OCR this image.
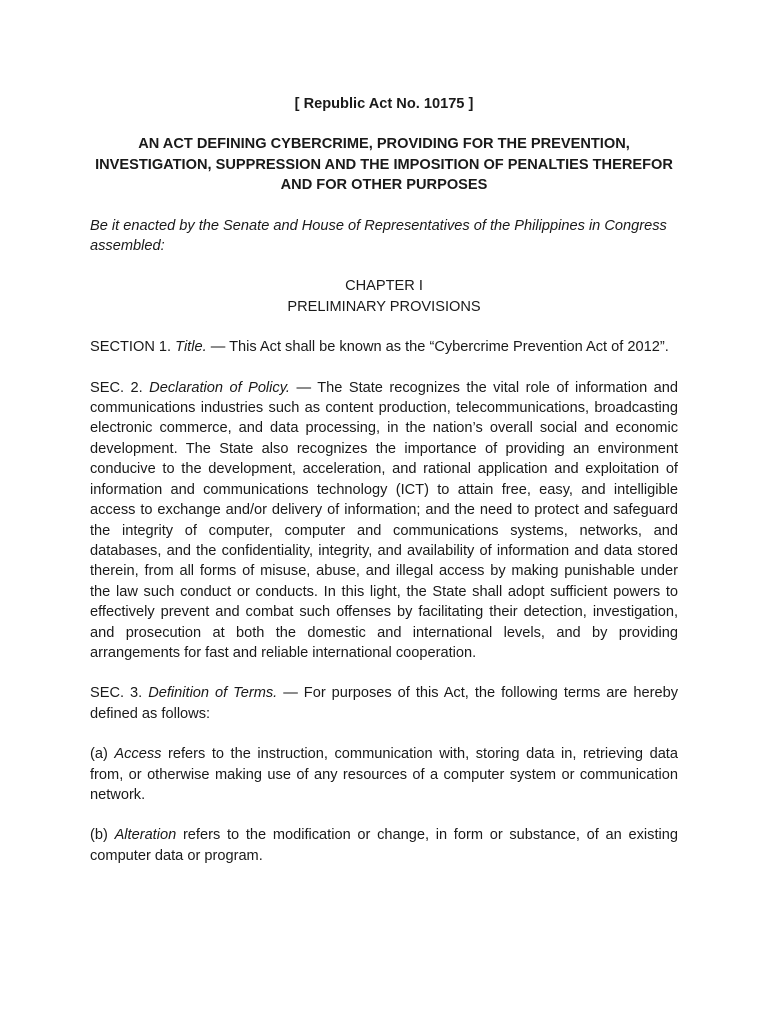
[ Republic Act No. 10175 ]

AN ACT DEFINING CYBERCRIME, PROVIDING FOR THE PREVENTION, INVESTIGATION, SUPPRESSION AND THE IMPOSITION OF PENALTIES THEREFOR AND FOR OTHER PURPOSES

Be it enacted by the Senate and House of Representatives of the Philippines in Congress assembled:

CHAPTER I
PRELIMINARY PROVISIONS

SECTION 1. Title. — This Act shall be known as the “Cybercrime Prevention Act of 2012”.

SEC. 2. Declaration of Policy. — The State recognizes the vital role of information and communications industries such as content production, telecommunications, broadcasting electronic commerce, and data processing, in the nation’s overall social and economic development. The State also recognizes the importance of providing an environment conducive to the development, acceleration, and rational application and exploitation of information and communications technology (ICT) to attain free, easy, and intelligible access to exchange and/or delivery of information; and the need to protect and safeguard the integrity of computer, computer and communications systems, networks, and databases, and the confidentiality, integrity, and availability of information and data stored therein, from all forms of misuse, abuse, and illegal access by making punishable under the law such conduct or conducts. In this light, the State shall adopt sufficient powers to effectively prevent and combat such offenses by facilitating their detection, investigation, and prosecution at both the domestic and international levels, and by providing arrangements for fast and reliable international cooperation.

SEC. 3. Definition of Terms. — For purposes of this Act, the following terms are hereby defined as follows:

(a) Access refers to the instruction, communication with, storing data in, retrieving data from, or otherwise making use of any resources of a computer system or communication network.

(b) Alteration refers to the modification or change, in form or substance, of an existing computer data or program.
